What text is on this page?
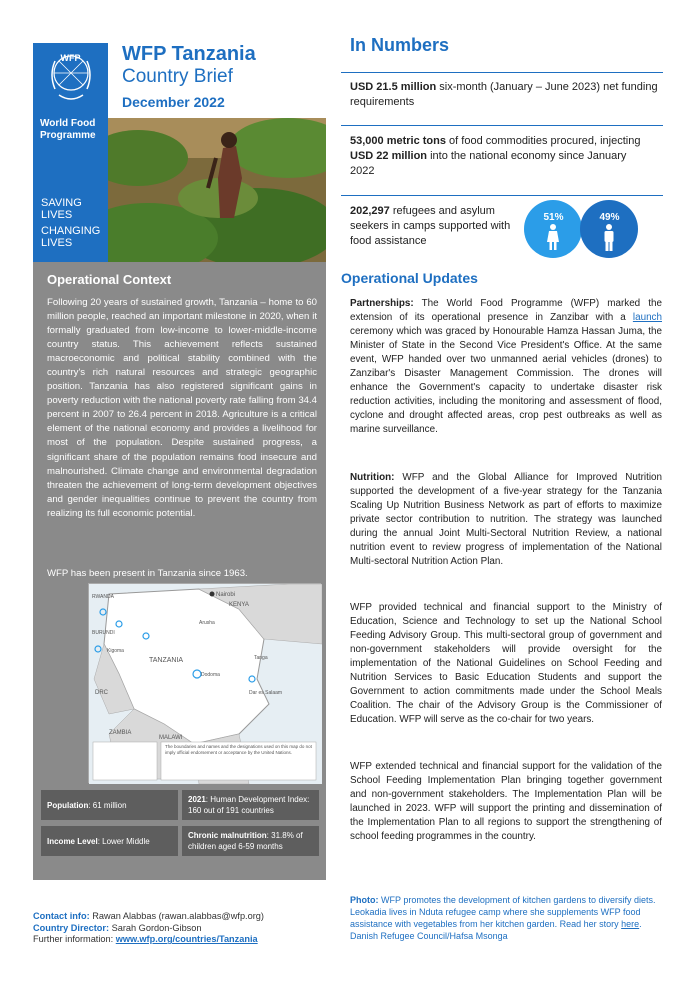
WFP
World Food
Programme
WFP Tanzania
Country Brief
December 2022
SAVING
LIVES
CHANGING
LIVES
Operational Context
Following 20 years of sustained growth, Tanzania – home to 60 million people, reached an important milestone in 2020, when it formally graduated from low-income to lower-middle-income country status. This achievement reflects sustained macroeconomic and political stability combined with the country's rich natural resources and strategic geographic position. Tanzania has also registered significant gains in poverty reduction with the national poverty rate falling from 34.4 percent in 2007 to 26.4 percent in 2018. Agriculture is a critical element of the national economy and provides a livelihood for most of the population. Despite sustained progress, a significant share of the population remains food insecure and malnourished. Climate change and environmental degradation threaten the achievement of long-term development objectives and gender inequalities continue to prevent the country from realizing its full economic potential.
WFP has been present in Tanzania since 1963.
TANZANIA
KENYA
DRC
ZAMBIA
MALAWI
RWANDA
BURUNDI
Nairobi
Kigoma
Dodoma
Dar es Salaam
Arusha
Tanga
The boundaries and names and the designations used on this map do not imply official endorsement or acceptance by the United Nations.
Population: 61 million
2021: Human Development Index: 160 out of 191 countries
Income Level: Lower Middle
Chronic malnutrition: 31.8% of children aged 6-59 months
Contact info: Rawan Alabbas (rawan.alabbas@wfp.org)
Country Director: Sarah Gordon-Gibson
Further information: www.wfp.org/countries/Tanzania
In Numbers
USD 21.5 million six-month (January – June 2023) net funding requirements
53,000 metric tons of food commodities procured, injecting USD 22 million into the national economy since January 2022
202,297 refugees and asylum seekers in camps supported with food assistance
51%	49%
Operational Updates
Partnerships: The World Food Programme (WFP) marked the extension of its operational presence in Zanzibar with a launch ceremony which was graced by Honourable Hamza Hassan Juma, the Minister of State in the Second Vice President's Office. At the same event, WFP handed over two unmanned aerial vehicles (drones) to Zanzibar's Disaster Management Commission. The drones will enhance the Government's capacity to undertake disaster risk reduction activities, including the monitoring and assessment of flood, cyclone and drought affected areas, crop pest outbreaks as well as marine surveillance.
Nutrition: WFP and the Global Alliance for Improved Nutrition supported the development of a five-year strategy for the Tanzania Scaling Up Nutrition Business Network as part of efforts to maximize private sector contribution to nutrition. The strategy was launched during the annual Joint Multi-Sectoral Nutrition Review, a national nutrition event to review progress of implementation of the National Multi-sectoral Nutrition Action Plan.
WFP provided technical and financial support to the Ministry of Education, Science and Technology to set up the National School Feeding Advisory Group. This multi-sectoral group of government and non-government stakeholders will provide oversight for the implementation of the National Guidelines on School Feeding and Nutrition Services to Basic Education Students and support the Government to action commitments made under the School Meals Coalition. The chair of the Advisory Group is the Commissioner of Education. WFP will serve as the co-chair for two years.
WFP extended technical and financial support for the validation of the School Feeding Implementation Plan bringing together government and non-government stakeholders. The Implementation Plan will be launched in 2023. WFP will support the printing and dissemination of the Implementation Plan to all regions to support the strengthening of school feeding programmes in the country.
Photo: WFP promotes the development of kitchen gardens to diversify diets. Leokadia lives in Nduta refugee camp where she supplements WFP food assistance with vegetables from her kitchen garden. Read her story here. Danish Refugee Council/Hafsa Msonga
